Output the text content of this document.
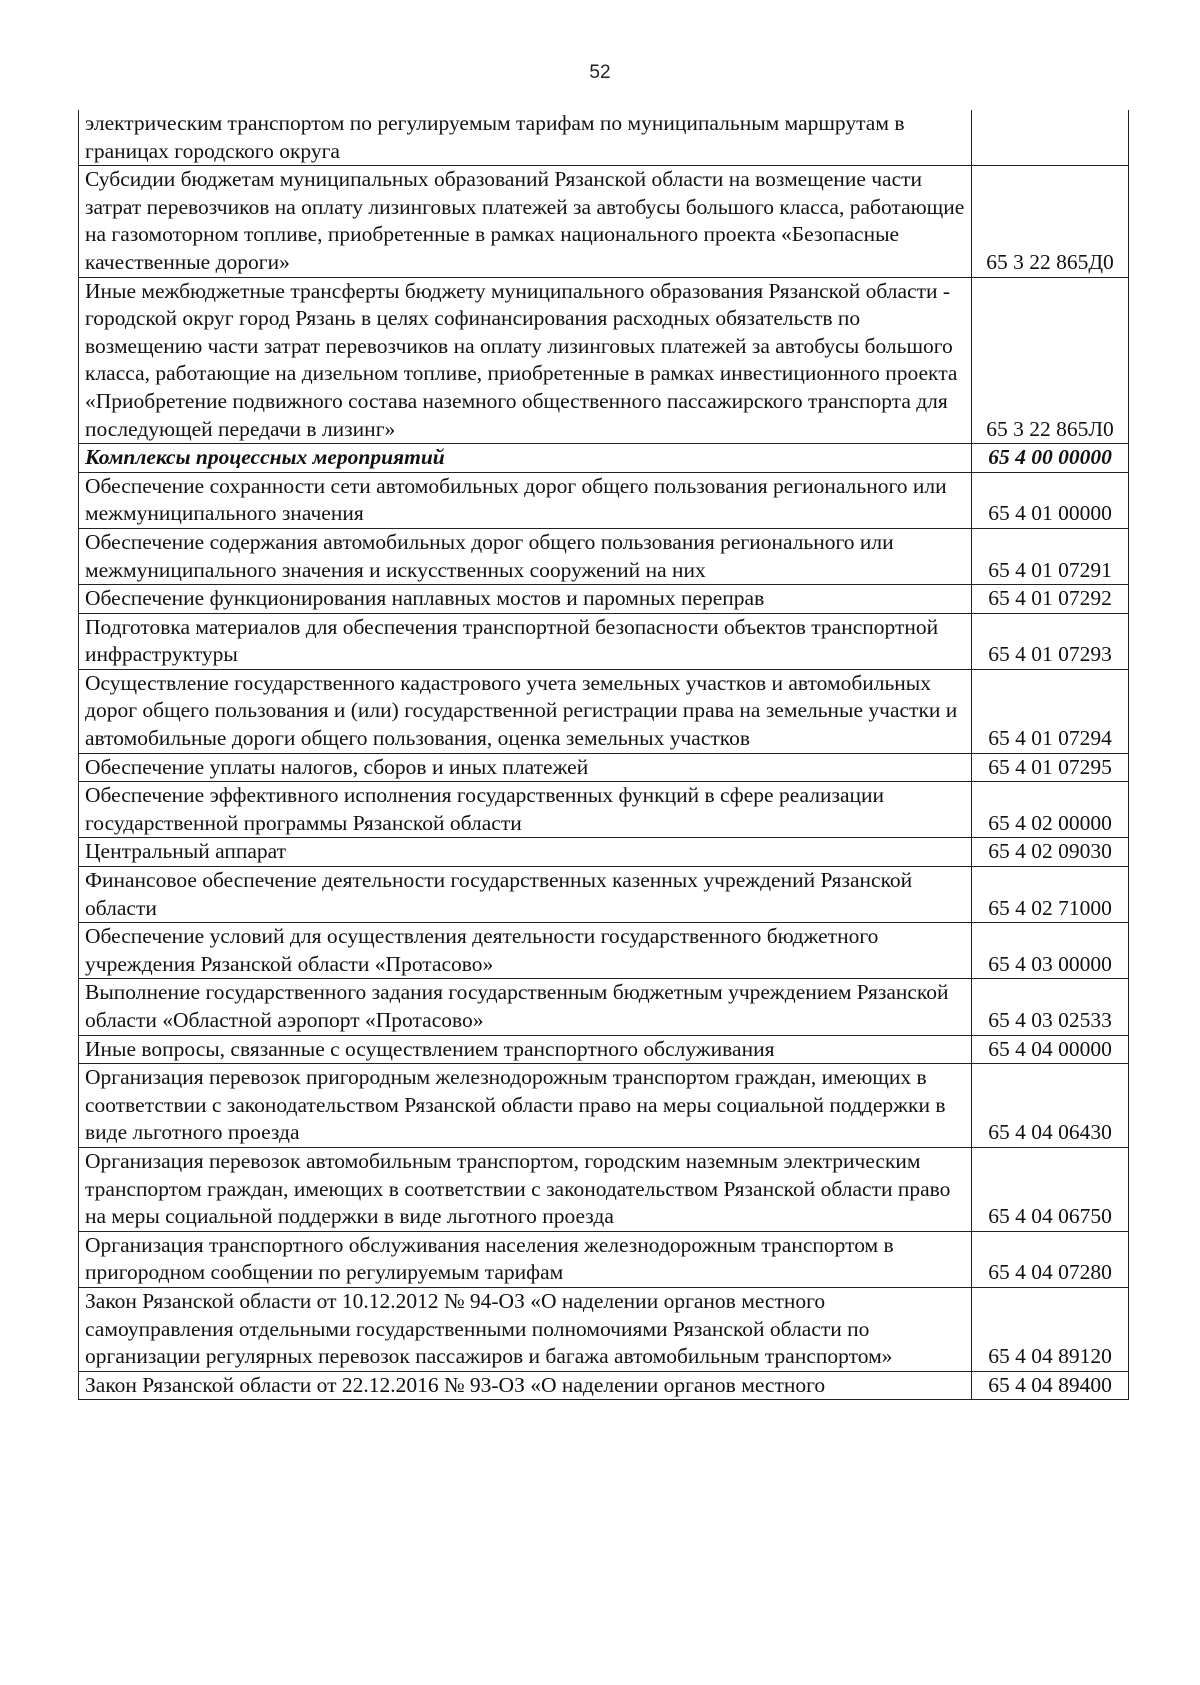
52
электрическим транспортом по регулируемым тарифам по муниципальным маршрутам в границах городского округа	
Субсидии бюджетам муниципальных образований Рязанской области на возмещение части затрат перевозчиков на оплату лизинговых платежей за автобусы большого класса, работающие на газомоторном топливе, приобретенные в рамках национального проекта «Безопасные качественные дороги»	65 3 22 865Д0
Иные межбюджетные трансферты бюджету муниципального образования Рязанской области - городской округ город Рязань в целях софинансирования расходных обязательств по возмещению части затрат перевозчиков на оплату лизинговых платежей за автобусы большого класса, работающие на дизельном топливе, приобретенные в рамках инвестиционного проекта «Приобретение подвижного состава наземного общественного пассажирского транспорта для последующей передачи в лизинг»	65 3 22 865Л0
Комплексы процессных мероприятий	65 4 00 00000
Обеспечение сохранности сети автомобильных дорог общего пользования регионального или межмуниципального значения	65 4 01 00000
Обеспечение содержания автомобильных дорог общего пользования регионального или межмуниципального значения и искусственных сооружений на них	65 4 01 07291
Обеспечение функционирования наплавных мостов и паромных переправ	65 4 01 07292
Подготовка материалов для обеспечения транспортной безопасности объектов транспортной инфраструктуры	65 4 01 07293
Осуществление государственного кадастрового учета земельных участков и автомобильных дорог общего пользования и (или) государственной регистрации права на земельные участки и автомобильные дороги общего пользования, оценка земельных участков	65 4 01 07294
Обеспечение уплаты налогов, сборов и иных платежей	65 4 01 07295
Обеспечение эффективного исполнения государственных функций в сфере реализации государственной программы Рязанской области	65 4 02 00000
Центральный аппарат	65 4 02 09030
Финансовое обеспечение деятельности государственных казенных учреждений Рязанской области	65 4 02 71000
Обеспечение условий для осуществления деятельности государственного бюджетного учреждения Рязанской области «Протасово»	65 4 03 00000
Выполнение государственного задания государственным бюджетным учреждением Рязанской области «Областной аэропорт «Протасово»	65 4 03 02533
Иные вопросы, связанные с осуществлением транспортного обслуживания	65 4 04 00000
Организация перевозок пригородным железнодорожным транспортом граждан, имеющих в соответствии с законодательством Рязанской области право на меры социальной поддержки в виде льготного проезда	65 4 04 06430
Организация перевозок автомобильным транспортом, городским наземным электрическим транспортом граждан, имеющих в соответствии с законодательством Рязанской области право на меры социальной поддержки в виде льготного проезда	65 4 04 06750
Организация транспортного обслуживания населения железнодорожным транспортом в пригородном сообщении по регулируемым тарифам	65 4 04 07280
Закон Рязанской области от 10.12.2012 № 94-ОЗ «О наделении органов местного самоуправления отдельными государственными полномочиями Рязанской области по организации регулярных перевозок пассажиров и багажа автомобильным транспортом»	65 4 04 89120
Закон Рязанской области от 22.12.2016 № 93-ОЗ «О наделении органов местного	65 4 04 89400
